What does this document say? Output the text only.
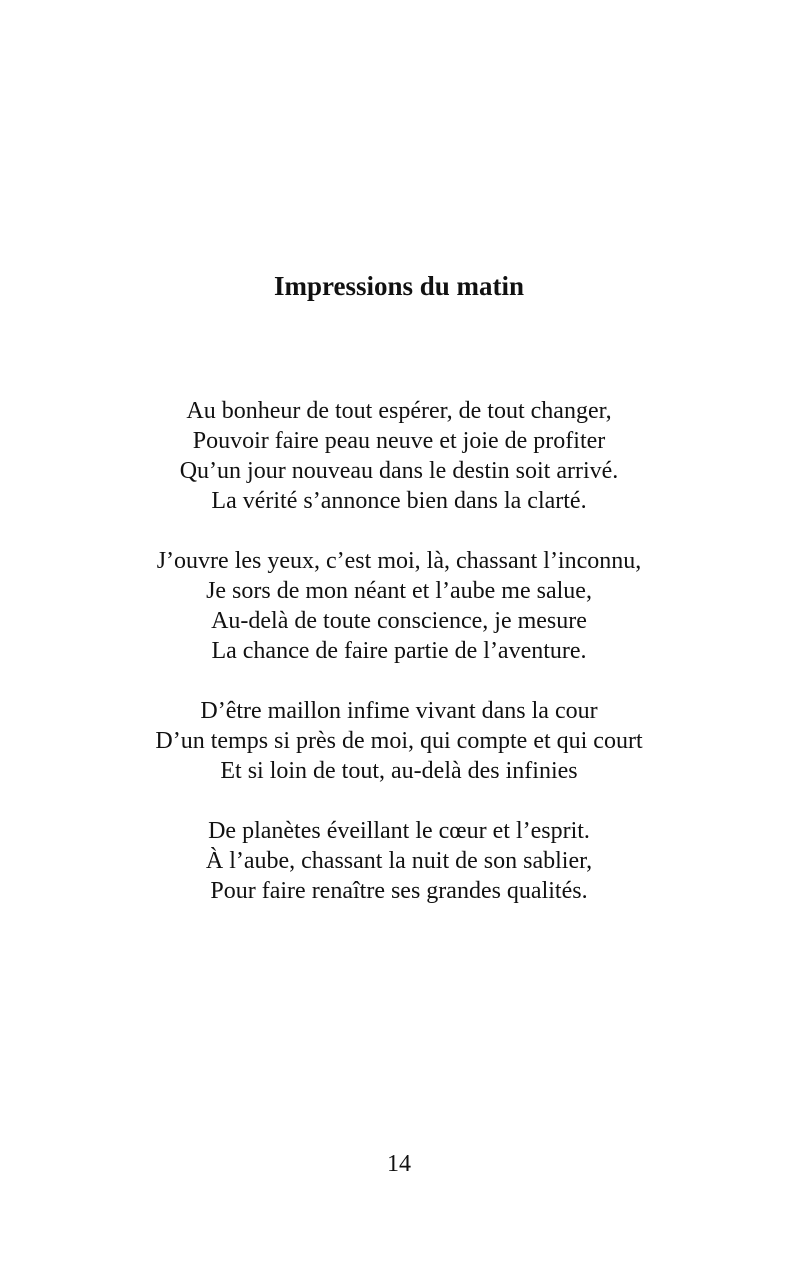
Impressions du matin
Au bonheur de tout espérer, de tout changer,
Pouvoir faire peau neuve et joie de profiter
Qu’un jour nouveau dans le destin soit arrivé.
La vérité s’annonce bien dans la clarté.
J’ouvre les yeux, c’est moi, là, chassant l’inconnu,
Je sors de mon néant et l’aube me salue,
Au-delà de toute conscience, je mesure
La chance de faire partie de l’aventure.
D’être maillon infime vivant dans la cour
D’un temps si près de moi, qui compte et qui court
Et si loin de tout, au-delà des infinies
De planètes éveillant le cœur et l’esprit.
À l’aube, chassant la nuit de son sablier,
Pour faire renaître ses grandes qualités.
14
